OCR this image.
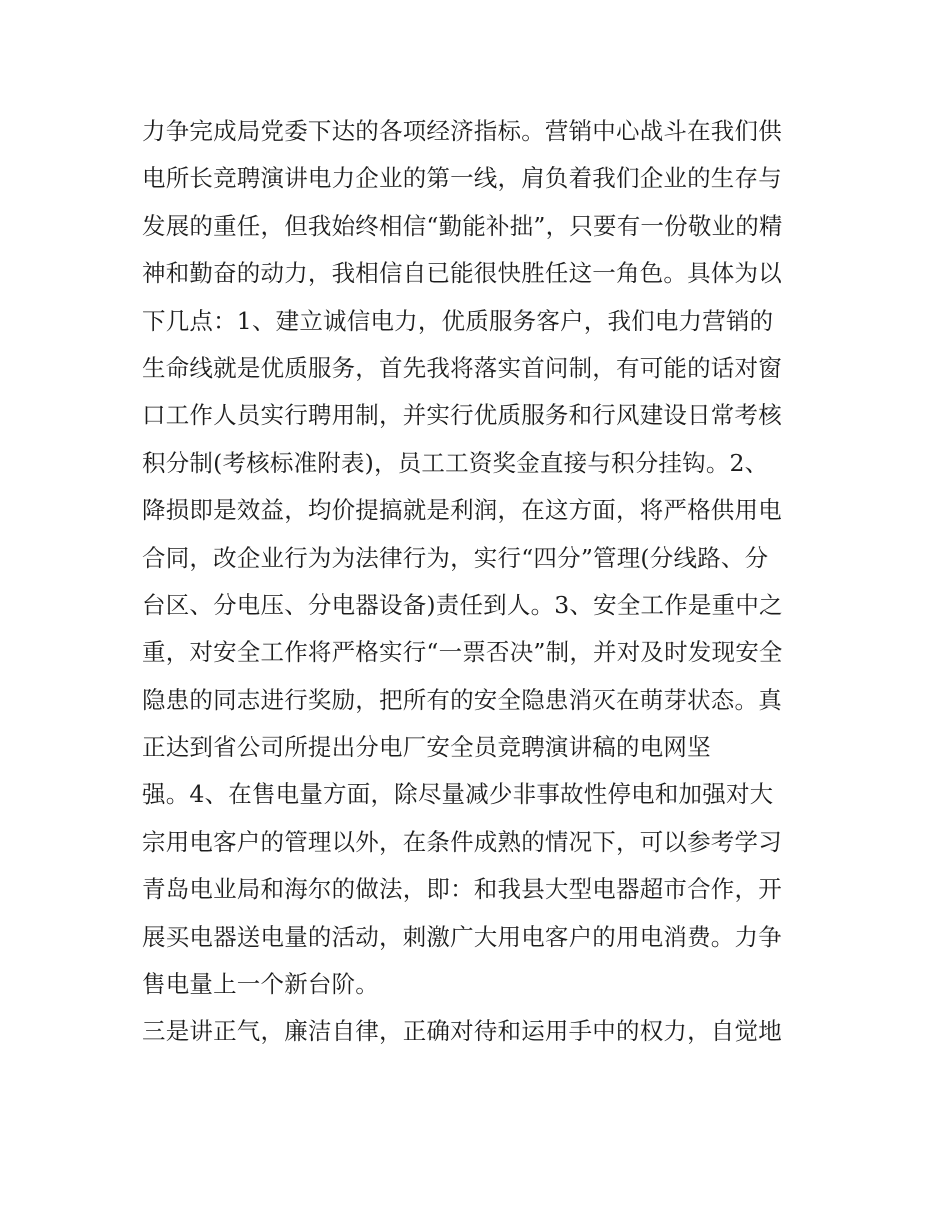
力争完成局党委下达的各项经济指标。营销中心战斗在我们供
电所长竞聘演讲电力企业的第一线，肩负着我们企业的生存与
发展的重任，但我始终相信“勤能补拙”，只要有一份敬业的精
神和勤奋的动力，我相信自已能很快胜任这一角色。具体为以
下几点：1、建立诚信电力，优质服务客户，我们电力营销的
生命线就是优质服务，首先我将落实首问制，有可能的话对窗
口工作人员实行聘用制，并实行优质服务和行风建设日常考核
积分制(考核标准附表)，员工工资奖金直接与积分挂钩。2、
降损即是效益，均价提搞就是利润，在这方面，将严格供用电
合同，改企业行为为法律行为，实行“四分”管理(分线路、分
台区、分电压、分电器设备)责任到人。3、安全工作是重中之
重，对安全工作将严格实行“一票否决”制，并对及时发现安全
隐患的同志进行奖励，把所有的安全隐患消灭在萌芽状态。真
正达到省公司所提出分电厂安全员竞聘演讲稿的电网坚
强。4、在售电量方面，除尽量减少非事故性停电和加强对大
宗用电客户的管理以外，在条件成熟的情况下，可以参考学习
青岛电业局和海尔的做法，即：和我县大型电器超市合作，开
展买电器送电量的活动，刺激广大用电客户的用电消费。力争
售电量上一个新台阶。
三是讲正气，廉洁自律，正确对待和运用手中的权力，自觉地
